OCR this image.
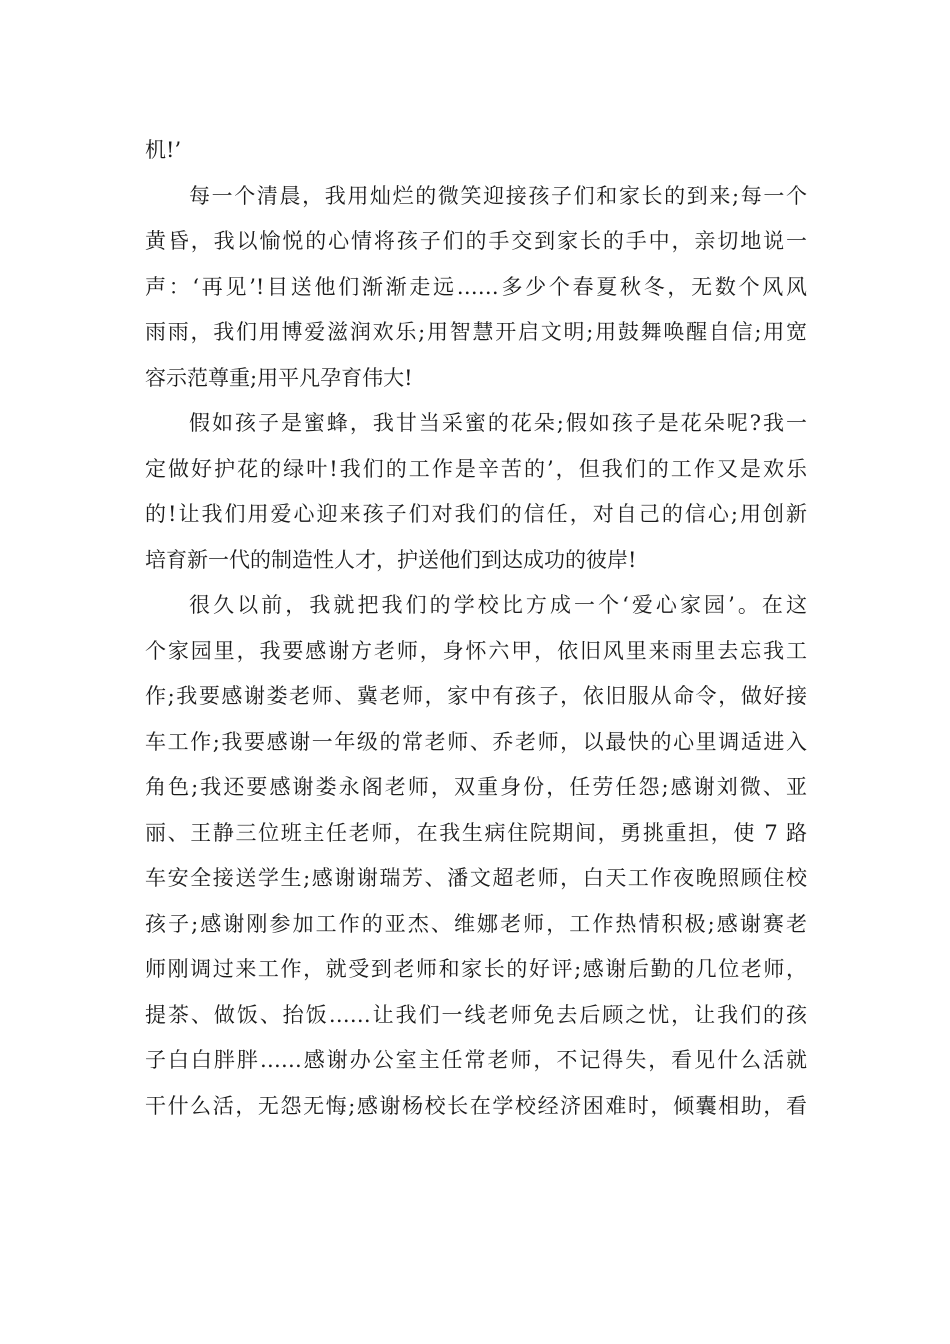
机!’
每一个清晨，我用灿烂的微笑迎接孩子们和家长的到来;每一个
黄昏，我以愉悦的心情将孩子们的手交到家长的手中，亲切地说一
声：‘再见’!目送他们渐渐走远……多少个春夏秋冬，无数个风风
雨雨，我们用博爱滋润欢乐;用智慧开启文明;用鼓舞唤醒自信;用宽
容示范尊重;用平凡孕育伟大!
假如孩子是蜜蜂，我甘当采蜜的花朵;假如孩子是花朵呢?我一
定做好护花的绿叶!我们的工作是辛苦的’，但我们的工作又是欢乐
的!让我们用爱心迎来孩子们对我们的信任，对自己的信心;用创新
培育新一代的制造性人才，护送他们到达成功的彼岸!
很久以前，我就把我们的学校比方成一个‘爱心家园’。在这
个家园里，我要感谢方老师，身怀六甲，依旧风里来雨里去忘我工
作;我要感谢娄老师、冀老师，家中有孩子，依旧服从命令，做好接
车工作;我要感谢一年级的常老师、乔老师，以最快的心里调适进入
角色;我还要感谢娄永阁老师，双重身份，任劳任怨;感谢刘微、亚
丽、王静三位班主任老师，在我生病住院期间，勇挑重担，使 7 路
车安全接送学生;感谢谢瑞芳、潘文超老师，白天工作夜晚照顾住校
孩子;感谢刚参加工作的亚杰、维娜老师，工作热情积极;感谢赛老
师刚调过来工作，就受到老师和家长的好评;感谢后勤的几位老师，
提茶、做饭、抬饭……让我们一线老师免去后顾之忧，让我们的孩
子白白胖胖……感谢办公室主任常老师，不记得失，看见什么活就
干什么活，无怨无悔;感谢杨校长在学校经济困难时，倾囊相助，看
